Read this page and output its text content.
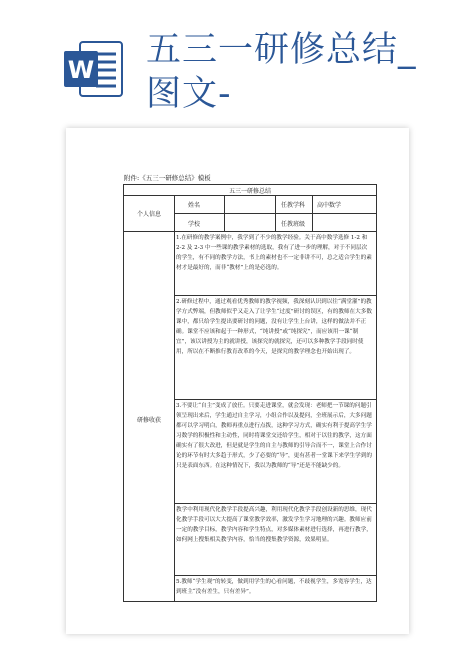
W 五三一研修总结_
图文-
附件:《五三一研修总结》模板
五三一研修总结
个人信息
姓名	任教学科 高中数学
学校	任教班级
研修收获
1.在研修的教学案例中，我学到了不少的教学经验。关于高中数学选修 1-2 和 2-2 及 2-3 中一些课的教学素材的选取，我有了进一步的理解，对于不同层次的学生，有不同的教学方法，书上的素材也不一定非讲不可，总之适合学生的素材才是最好的，而非“教材”上的是必选的。
2.研修过程中，通过观看优秀教师的教学视频，我深刻认识到以往“满堂灌”的教学方式弊端，但教师似乎又走入了让学生“过度”研讨的误区，有的教师在大多数课中，都只给学生提出要研讨的问题，没有让学生上台讲，这样的做法并不正确。课堂不应该和起于一种形式，“纯讲授”或“纯探究”，而应该用一课“制宜”，该以讲授为主的就讲授，该探究的就探究，还可以多种教学手段同时使用，所以在不断推行教育改革的今天，是探究的教学理念也开始出现了。
3.不要让“自主”变成了放任。只要走进课堂，就会发现：老师把一节课的问题引领呈现出来后，学生通过自主学习，小组合作以及提问，全班展示后，大多问题都可以学习明白，教师再重点进行点拨，这种学习方式，确实有利于提高学生学习数学的积极性和主动性，同时将课堂交还给学生，相对于以往的教学，这方面确实有了很大改进，但是就是学生的自主与教师的引导合而不一，课堂上合作讨论的环节有时大多趋于形式，少了必要的“导”，更有甚者一堂课下来学生学到的只是表面东西。在这种情况下，我以为教师的“导”还是不能缺少的。
教学中利用现代化教学手段提高兴趣，利用现代化教学手段创设新的思维，现代化教学手段可以大大提高了课堂教学效率，激发学生学习地理的兴趣。教师应前一定的教学目标，教学内容和学生特点，对多媒体素材进行选择，再进行教学，如何网上搜集相关教学内容，恰当的搜集教学资源，效果明显。
5.教师“学生观”的转变，做到用学生的心看问题，不歧视学生，多宽容学生，达到班主“没有差生，只有差异”。
